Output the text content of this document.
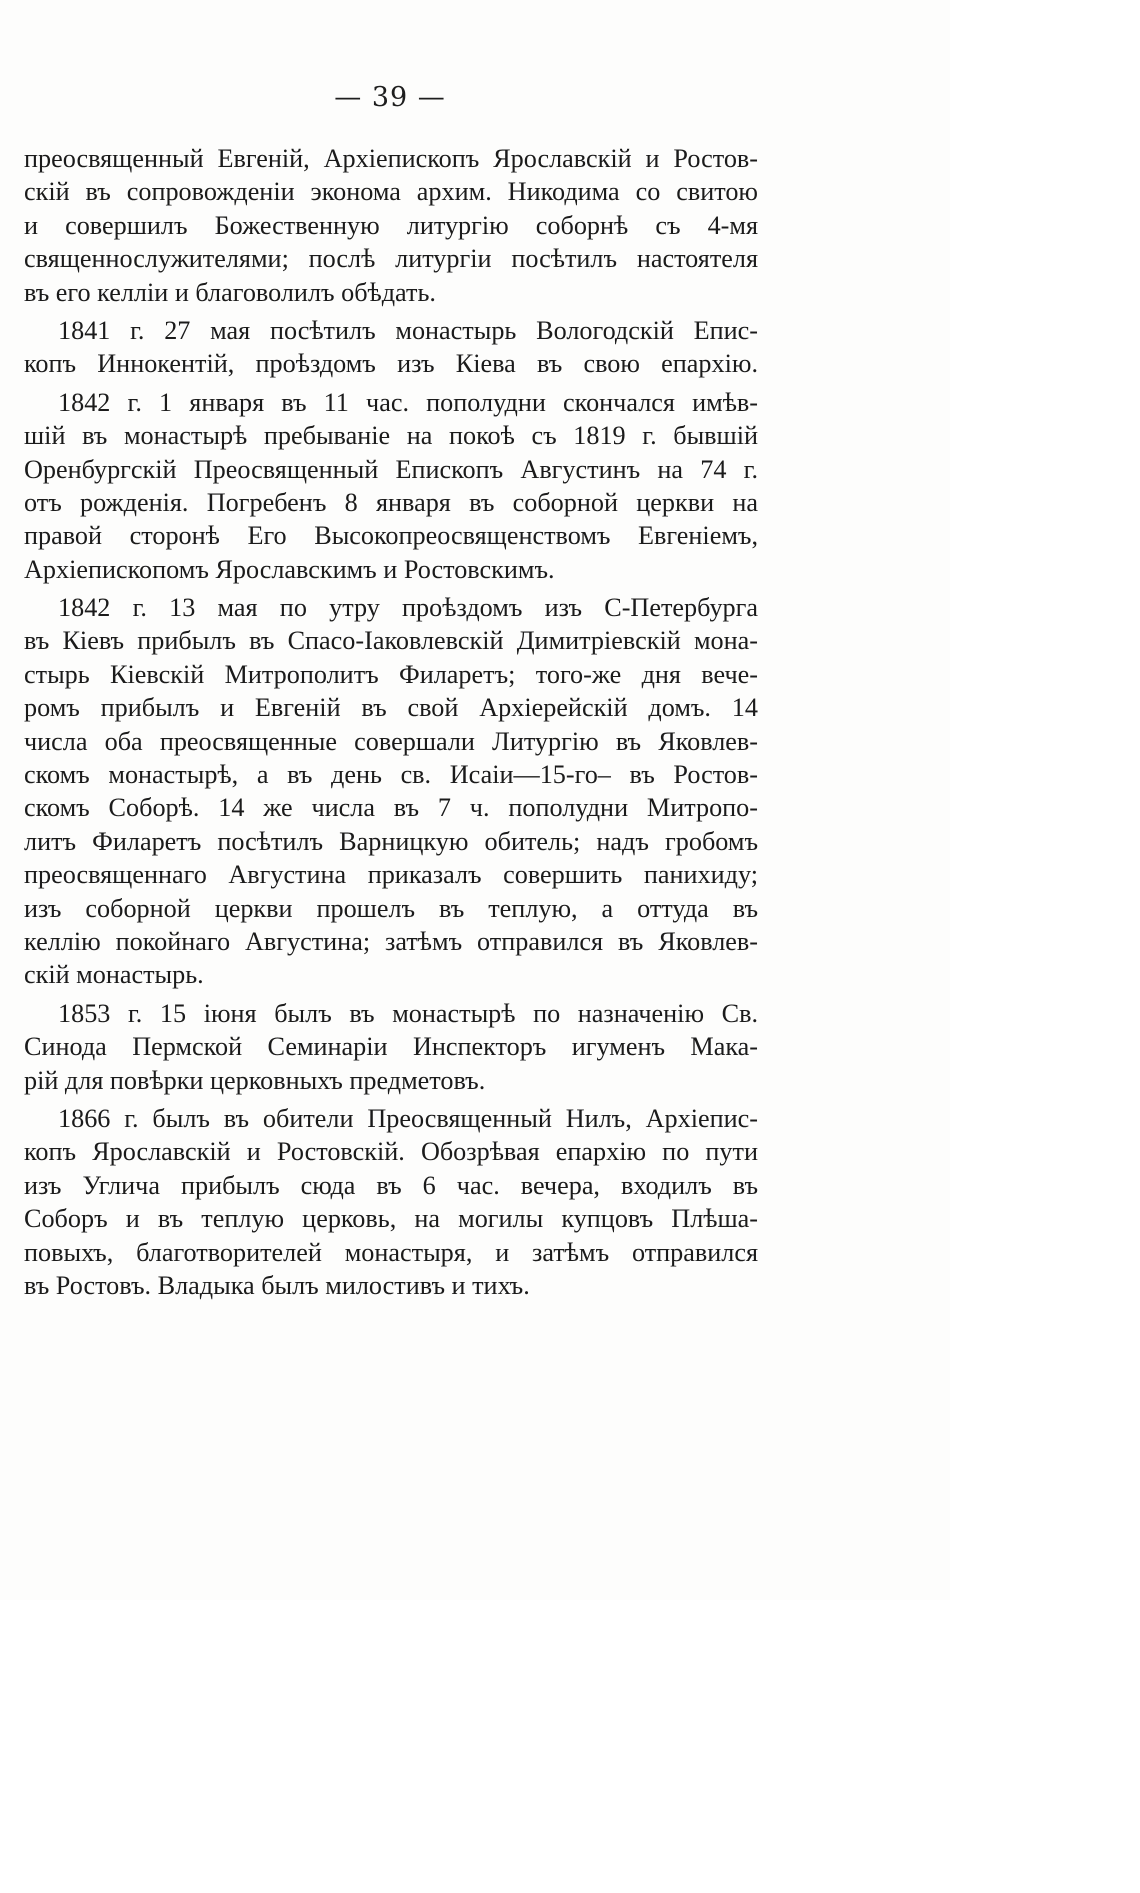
— 39 —
преосвященный Евгеній, Архіепископъ Ярославскій и Ростов-
скій въ сопровожденіи эконома архим. Никодима со свитою
и совершилъ Божественную литургію соборнѣ съ 4-мя
священнослужителями; послѣ литургіи посѣтилъ настоятеля
въ его келліи и благоволилъ обѣдать.
1841 г. 27 мая посѣтилъ монастырь Вологодскій Епис-
копъ Иннокентій, проѣздомъ изъ Кіева въ свою епархію.
1842 г. 1 января въ 11 час. пополудни скончался имѣв-
шій въ монастырѣ пребываніе на покоѣ съ 1819 г. бывшій
Оренбургскій Преосвященный Епископъ Августинъ на 74 г.
отъ рожденія. Погребенъ 8 января въ соборной церкви на
правой сторонѣ Его Высокопреосвященствомъ Евгеніемъ,
Архіепископомъ Ярославскимъ и Ростовскимъ.
1842 г. 13 мая по утру проѣздомъ изъ С-Петербурга
въ Кіевъ прибылъ въ Спасо-Іаковлевскій Димитріевскій мона-
стырь Кіевскій Митрополитъ Филаретъ; того-же дня вече-
ромъ прибылъ и Евгеній въ свой Архіерейскій домъ. 14
числа оба преосвященные совершали Литургію въ Яковлев-
скомъ монастырѣ, а въ день св. Исаіи—15-го– въ Ростов-
скомъ Соборѣ. 14 же числа въ 7 ч. пополудни Митропо-
литъ Филаретъ посѣтилъ Варницкую обитель; надъ гробомъ
преосвященнаго Августина приказалъ совершить панихиду;
изъ соборной церкви прошелъ въ теплую, а оттуда въ
келлію покойнаго Августина; затѣмъ отправился въ Яковлев-
скій монастырь.
1853 г. 15 іюня былъ въ монастырѣ по назначенію Св.
Синода Пермской Семинаріи Инспекторъ игуменъ Мака-
рій для повѣрки церковныхъ предметовъ.
1866 г. былъ въ обители Преосвященный Нилъ, Архіепис-
копъ Ярославскій и Ростовскій. Обозрѣвая епархію по пути
изъ Углича прибылъ сюда въ 6 час. вечера, входилъ въ
Соборъ и въ теплую церковь, на могилы купцовъ Плѣша-
повыхъ, благотворителей монастыря, и затѣмъ отправился
въ Ростовъ. Владыка былъ милостивъ и тихъ.
